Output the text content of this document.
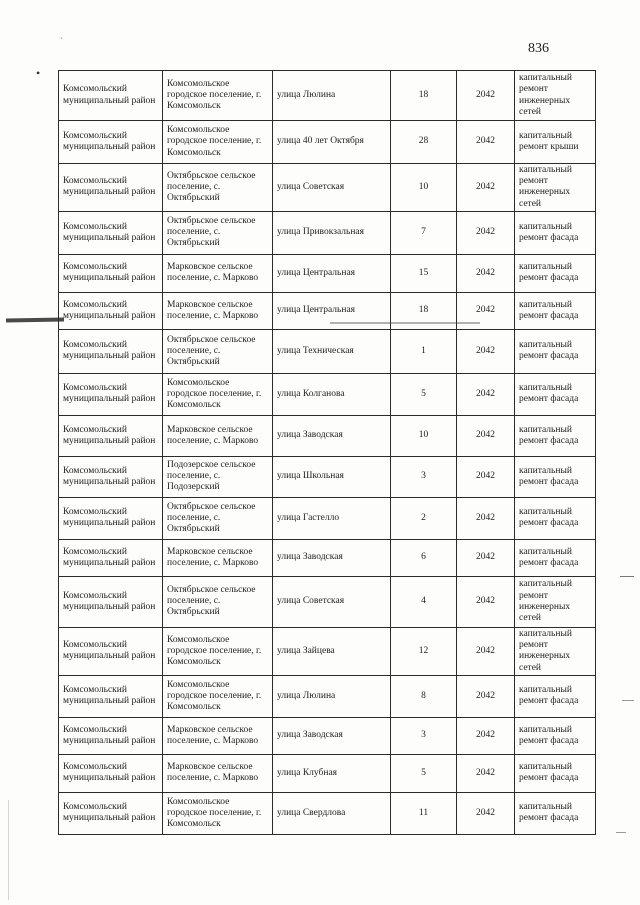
836
•
`
Комсомольский муниципальный район	Комсомольское городское поселение, г. Комсомольск	улица Люлина	18	2042	капитальный ремонт инженерных сетей
Комсомольский муниципальный район	Комсомольское городское поселение, г. Комсомольск	улица 40 лет Октября	28	2042	капитальный ремонт крыши
Комсомольский муниципальный район	Октябрьское сельское поселение, с. Октябрьский	улица Советская	10	2042	капитальный ремонт инженерных сетей
Комсомольский муниципальный район	Октябрьское сельское поселение, с. Октябрьский	улица Привокзальная	7	2042	капитальный ремонт фасада
Комсомольский муниципальный район	Марковское сельское поселение, с. Марково	улица Центральная	15	2042	капитальный ремонт фасада
Комсомольский муниципальный район	Марковское сельское поселение, с. Марково	улица Центральная	18	2042	капитальный ремонт фасада
Комсомольский муниципальный район	Октябрьское сельское поселение, с. Октябрьский	улица Техническая	1	2042	капитальный ремонт фасада
Комсомольский муниципальный район	Комсомольское городское поселение, г. Комсомольск	улица Колганова	5	2042	капитальный ремонт фасада
Комсомольский муниципальный район	Марковское сельское поселение, с. Марково	улица Заводская	10	2042	капитальный ремонт фасада
Комсомольский муниципальный район	Подозерское сельское поселение, с. Подозерский	улица Школьная	3	2042	капитальный ремонт фасада
Комсомольский муниципальный район	Октябрьское сельское поселение, с. Октябрьский	улица Гастелло	2	2042	капитальный ремонт фасада
Комсомольский муниципальный район	Марковское сельское поселение, с. Марково	улица Заводская	6	2042	капитальный ремонт фасада
Комсомольский муниципальный район	Октябрьское сельское поселение, с. Октябрьский	улица Советская	4	2042	капитальный ремонт инженерных сетей
Комсомольский муниципальный район	Комсомольское городское поселение, г. Комсомольск	улица Зайцева	12	2042	капитальный ремонт инженерных сетей
Комсомольский муниципальный район	Комсомольское городское поселение, г. Комсомольск	улица Люлина	8	2042	капитальный ремонт фасада
Комсомольский муниципальный район	Марковское сельское поселение, с. Марково	улица Заводская	3	2042	капитальный ремонт фасада
Комсомольский муниципальный район	Марковское сельское поселение, с. Марково	улица Клубная	5	2042	капитальный ремонт фасада
Комсомольский муниципальный район	Комсомольское городское поселение, г. Комсомольск	улица Свердлова	11	2042	капитальный ремонт фасада
